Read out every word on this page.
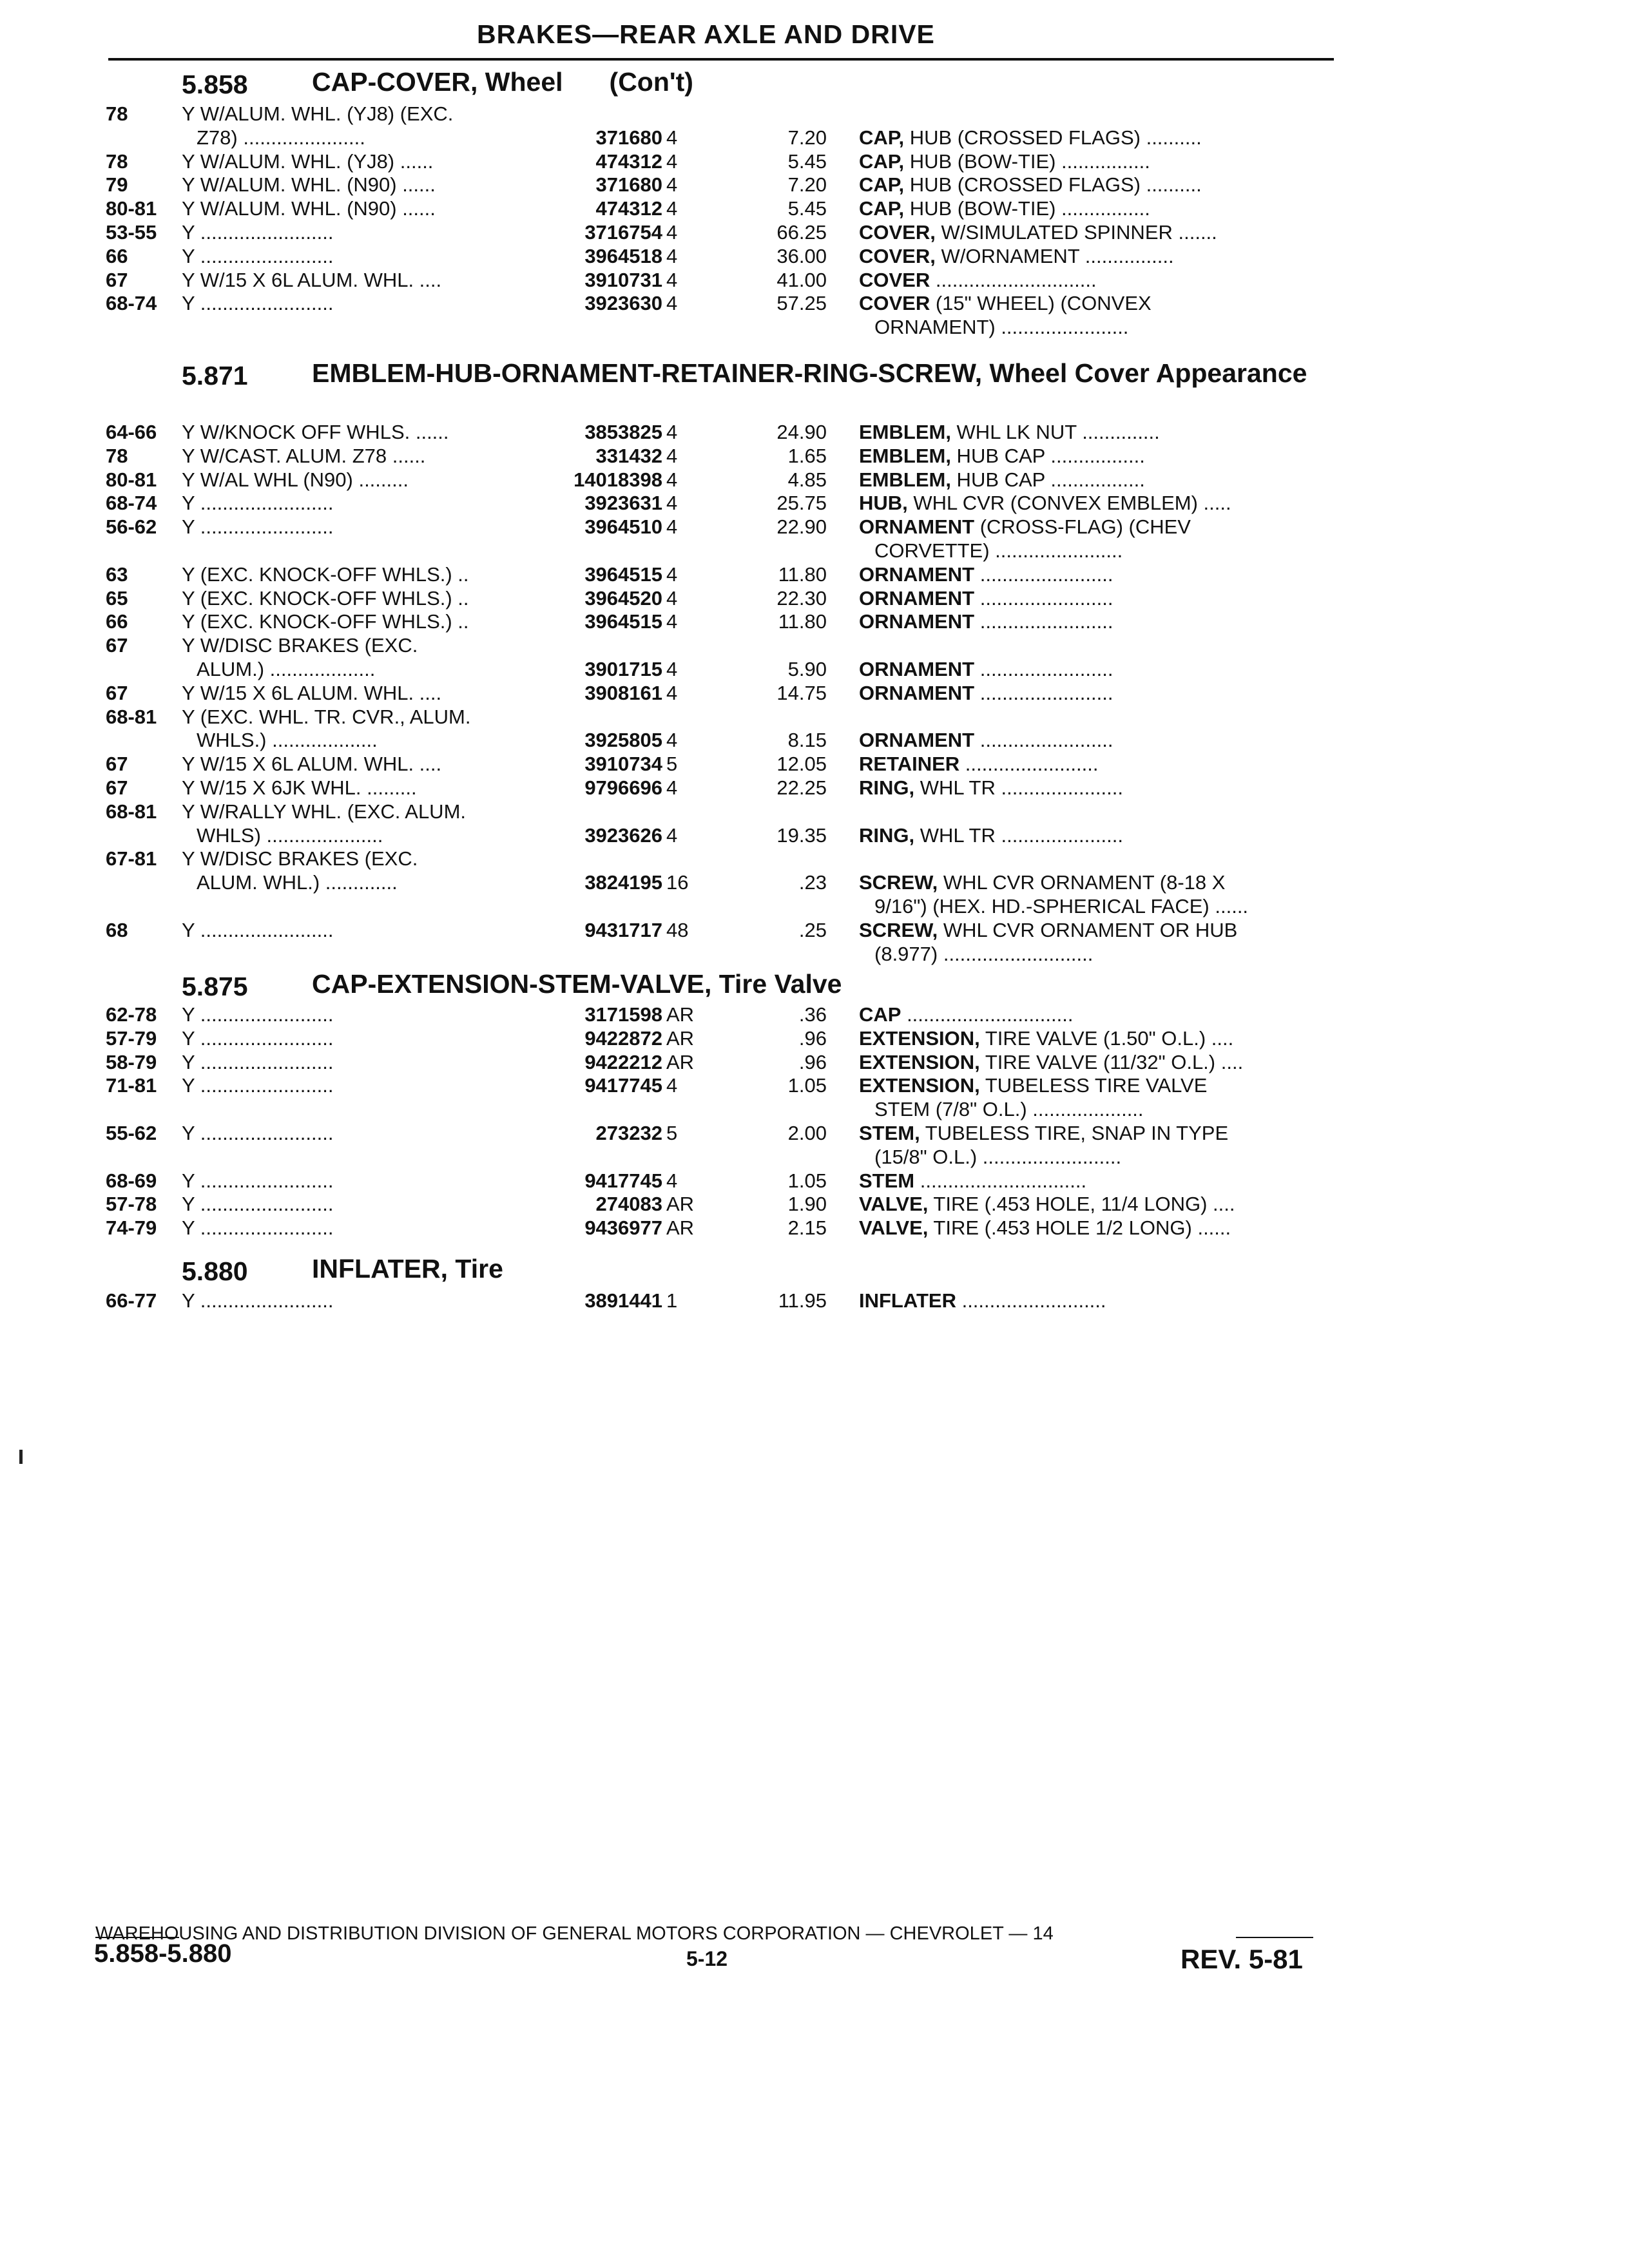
BRAKES—REAR AXLE AND DRIVE
5.858 CAP-COVER, Wheel (Con't)
78	Y W/ALUM. WHL. (YJ8) (EXC.
Z78) ......................	371680 4	7.20 CAP, HUB (CROSSED FLAGS) ..........
78	Y W/ALUM. WHL. (YJ8) ......	474312 4	5.45 CAP, HUB (BOW-TIE) ................
79	Y W/ALUM. WHL. (N90) ......	371680 4	7.20 CAP, HUB (CROSSED FLAGS) ..........
80-81 Y W/ALUM. WHL. (N90) ......	474312 4	5.45 CAP, HUB (BOW-TIE) ................
53-55 Y ........................	3716754 4	66.25 COVER, W/SIMULATED SPINNER .......
66	Y ........................	3964518 4	36.00 COVER, W/ORNAMENT ................
67	Y W/15 X 6L ALUM. WHL. ....	3910731 4	41.00 COVER .............................
68-74 Y ........................	3923630 4	57.25 COVER (15" WHEEL) (CONVEX
ORNAMENT) .......................
5.871 EMBLEM-HUB-ORNAMENT-RETAINER-RING-SCREW, Wheel Cover Appearance
64-66 Y W/KNOCK OFF WHLS. ......	3853825 4	24.90 EMBLEM, WHL LK NUT ..............
78	Y W/CAST. ALUM. Z78 ......	331432 4	1.65 EMBLEM, HUB CAP .................
80-81 Y W/AL WHL (N90) .........	14018398 4	4.85 EMBLEM, HUB CAP .................
68-74 Y ........................	3923631 4	25.75 HUB, WHL CVR (CONVEX EMBLEM) .....
56-62 Y ........................	3964510 4	22.90 ORNAMENT (CROSS-FLAG) (CHEV
CORVETTE) .......................
63	Y (EXC. KNOCK-OFF WHLS.) ..	3964515 4	11.80 ORNAMENT ........................
65	Y (EXC. KNOCK-OFF WHLS.) ..	3964520 4	22.30 ORNAMENT ........................
66	Y (EXC. KNOCK-OFF WHLS.) ..	3964515 4	11.80 ORNAMENT ........................
67	Y W/DISC BRAKES (EXC.
ALUM.) ...................	3901715 4	5.90 ORNAMENT ........................
67	Y W/15 X 6L ALUM. WHL. ....	3908161 4	14.75 ORNAMENT ........................
68-81 Y (EXC. WHL. TR. CVR., ALUM.
WHLS.) ...................	3925805 4	8.15 ORNAMENT ........................
67	Y W/15 X 6L ALUM. WHL. ....	3910734 5	12.05 RETAINER ........................
67	Y W/15 X 6JK WHL. .........	9796696 4	22.25 RING, WHL TR ......................
68-81 Y W/RALLY WHL. (EXC. ALUM.
WHLS) .....................	3923626 4	19.35 RING, WHL TR ......................
67-81 Y W/DISC BRAKES (EXC.
ALUM. WHL.) .............	3824195 16	.23 SCREW, WHL CVR ORNAMENT (8-18 X
9/16") (HEX. HD.-SPHERICAL FACE) ......
68	Y ........................	9431717 48	.25 SCREW, WHL CVR ORNAMENT OR HUB
(8.977) ...........................
5.875 CAP-EXTENSION-STEM-VALVE, Tire Valve
62-78 Y ........................	3171598 AR	.36 CAP ..............................
57-79 Y ........................	9422872 AR	.96 EXTENSION, TIRE VALVE (1.50" O.L.) ....
58-79 Y ........................	9422212 AR	.96 EXTENSION, TIRE VALVE (11/32" O.L.) ....
71-81 Y ........................	9417745 4	1.05 EXTENSION, TUBELESS TIRE VALVE
STEM (7/8" O.L.) ....................
55-62 Y ........................	273232 5	2.00 STEM, TUBELESS TIRE, SNAP IN TYPE
(15/8" O.L.) .........................
68-69 Y ........................	9417745 4	1.05 STEM ..............................
57-78 Y ........................	274083 AR	1.90 VALVE, TIRE (.453 HOLE, 11/4 LONG) ....
74-79 Y ........................	9436977 AR	2.15 VALVE, TIRE (.453 HOLE 1/2 LONG) ......
5.880 INFLATER, Tire
66-77 Y ........................	3891441 1	11.95 INFLATER ..........................
WAREHOUSING AND DISTRIBUTION DIVISION OF GENERAL MOTORS CORPORATION — CHEVROLET — 14
5.858-5.880	5-12	REV. 5-81
